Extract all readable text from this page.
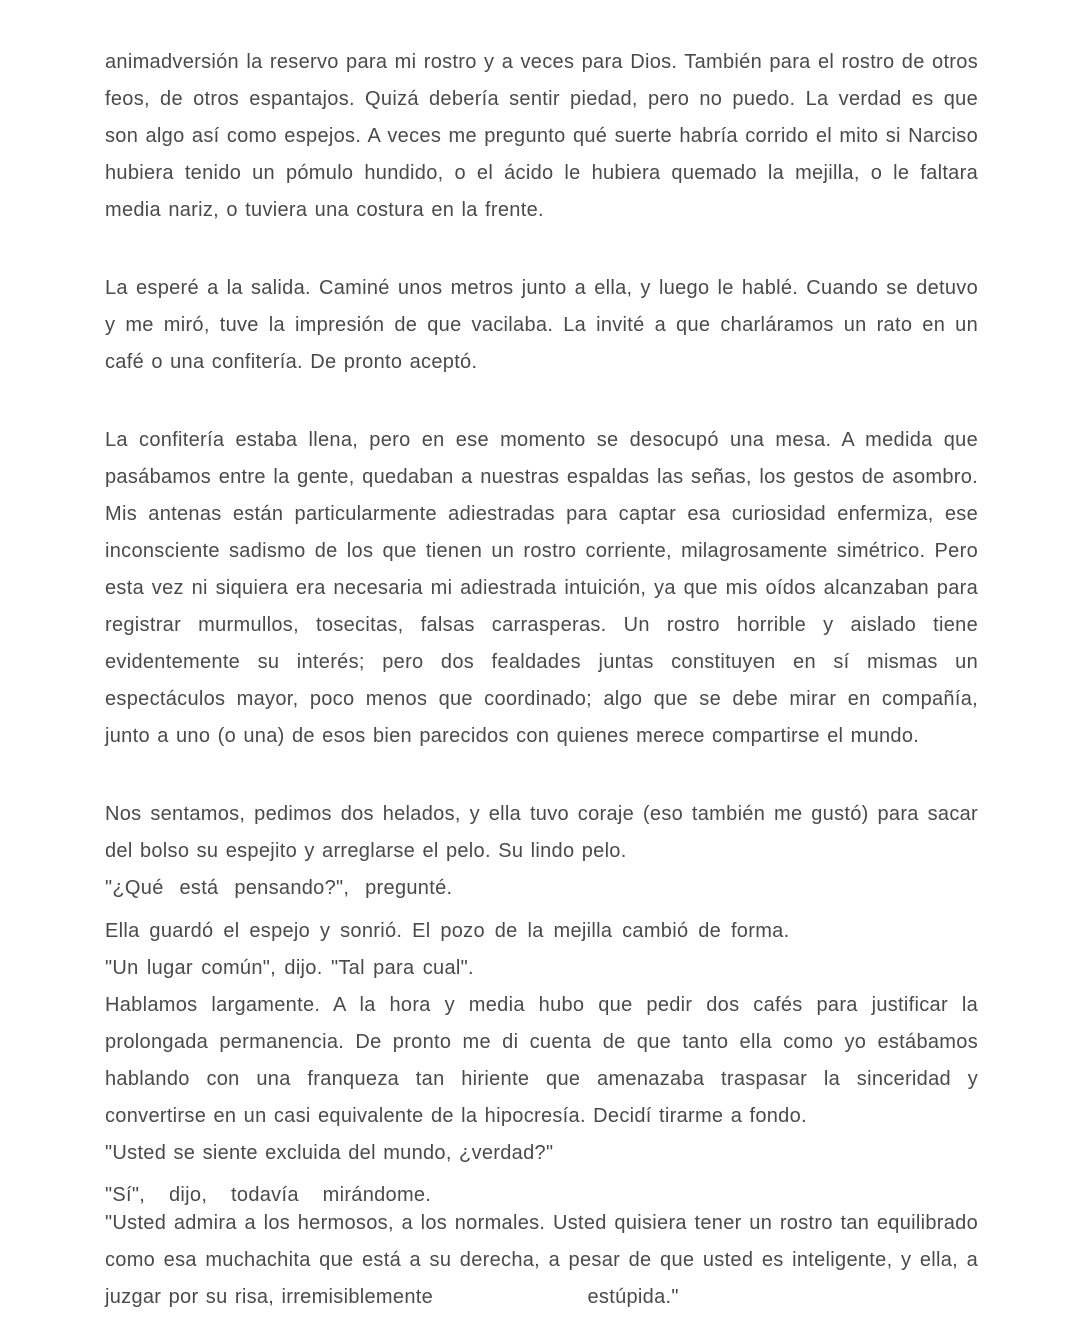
animadversión la reservo para mi rostro y a veces para Dios. También para el rostro de otros feos, de otros espantajos. Quizá debería sentir piedad, pero no puedo. La verdad es que son algo así como espejos. A veces me pregunto qué suerte habría corrido el mito si Narciso hubiera tenido un pómulo hundido, o el ácido le hubiera quemado la mejilla, o le faltara media nariz, o tuviera una costura en la frente.

La esperé a la salida. Caminé unos metros junto a ella, y luego le hablé. Cuando se detuvo y me miró, tuve la impresión de que vacilaba. La invité a que charláramos un rato en un café o una confitería. De pronto aceptó.

La confitería estaba llena, pero en ese momento se desocupó una mesa. A medida que pasábamos entre la gente, quedaban a nuestras espaldas las señas, los gestos de asombro. Mis antenas están particularmente adiestradas para captar esa curiosidad enfermiza, ese inconsciente sadismo de los que tienen un rostro corriente, milagrosamente simétrico. Pero esta vez ni siquiera era necesaria mi adiestrada intuición, ya que mis oídos alcanzaban para registrar murmullos, tosecitas, falsas carrasperas. Un rostro horrible y aislado tiene evidentemente su interés; pero dos fealdades juntas constituyen en sí mismas un espectáculos mayor, poco menos que coordinado; algo que se debe mirar en compañía, junto a uno (o una) de esos bien parecidos con quienes merece compartirse el mundo.

Nos sentamos, pedimos dos helados, y ella tuvo coraje (eso también me gustó) para sacar del bolso su espejito y arreglarse el pelo. Su lindo pelo.

"¿Qué está pensando?", pregunté.

Ella guardó el espejo y sonrió. El pozo de la mejilla cambió de forma.

"Un lugar común", dijo. "Tal para cual".

Hablamos largamente. A la hora y media hubo que pedir dos cafés para justificar la prolongada permanencia. De pronto me di cuenta de que tanto ella como yo estábamos hablando con una franqueza tan hiriente que amenazaba traspasar la sinceridad y convertirse en un casi equivalente de la hipocresía. Decidí tirarme a fondo.

"Usted se siente excluida del mundo, ¿verdad?"

"Sí", dijo, todavía mirándome.

"Usted admira a los hermosos, a los normales. Usted quisiera tener un rostro tan equilibrado como esa muchachita que está a su derecha, a pesar de que usted es inteligente, y ella, a juzgar por su risa, irremisiblemente                     estúpida."
